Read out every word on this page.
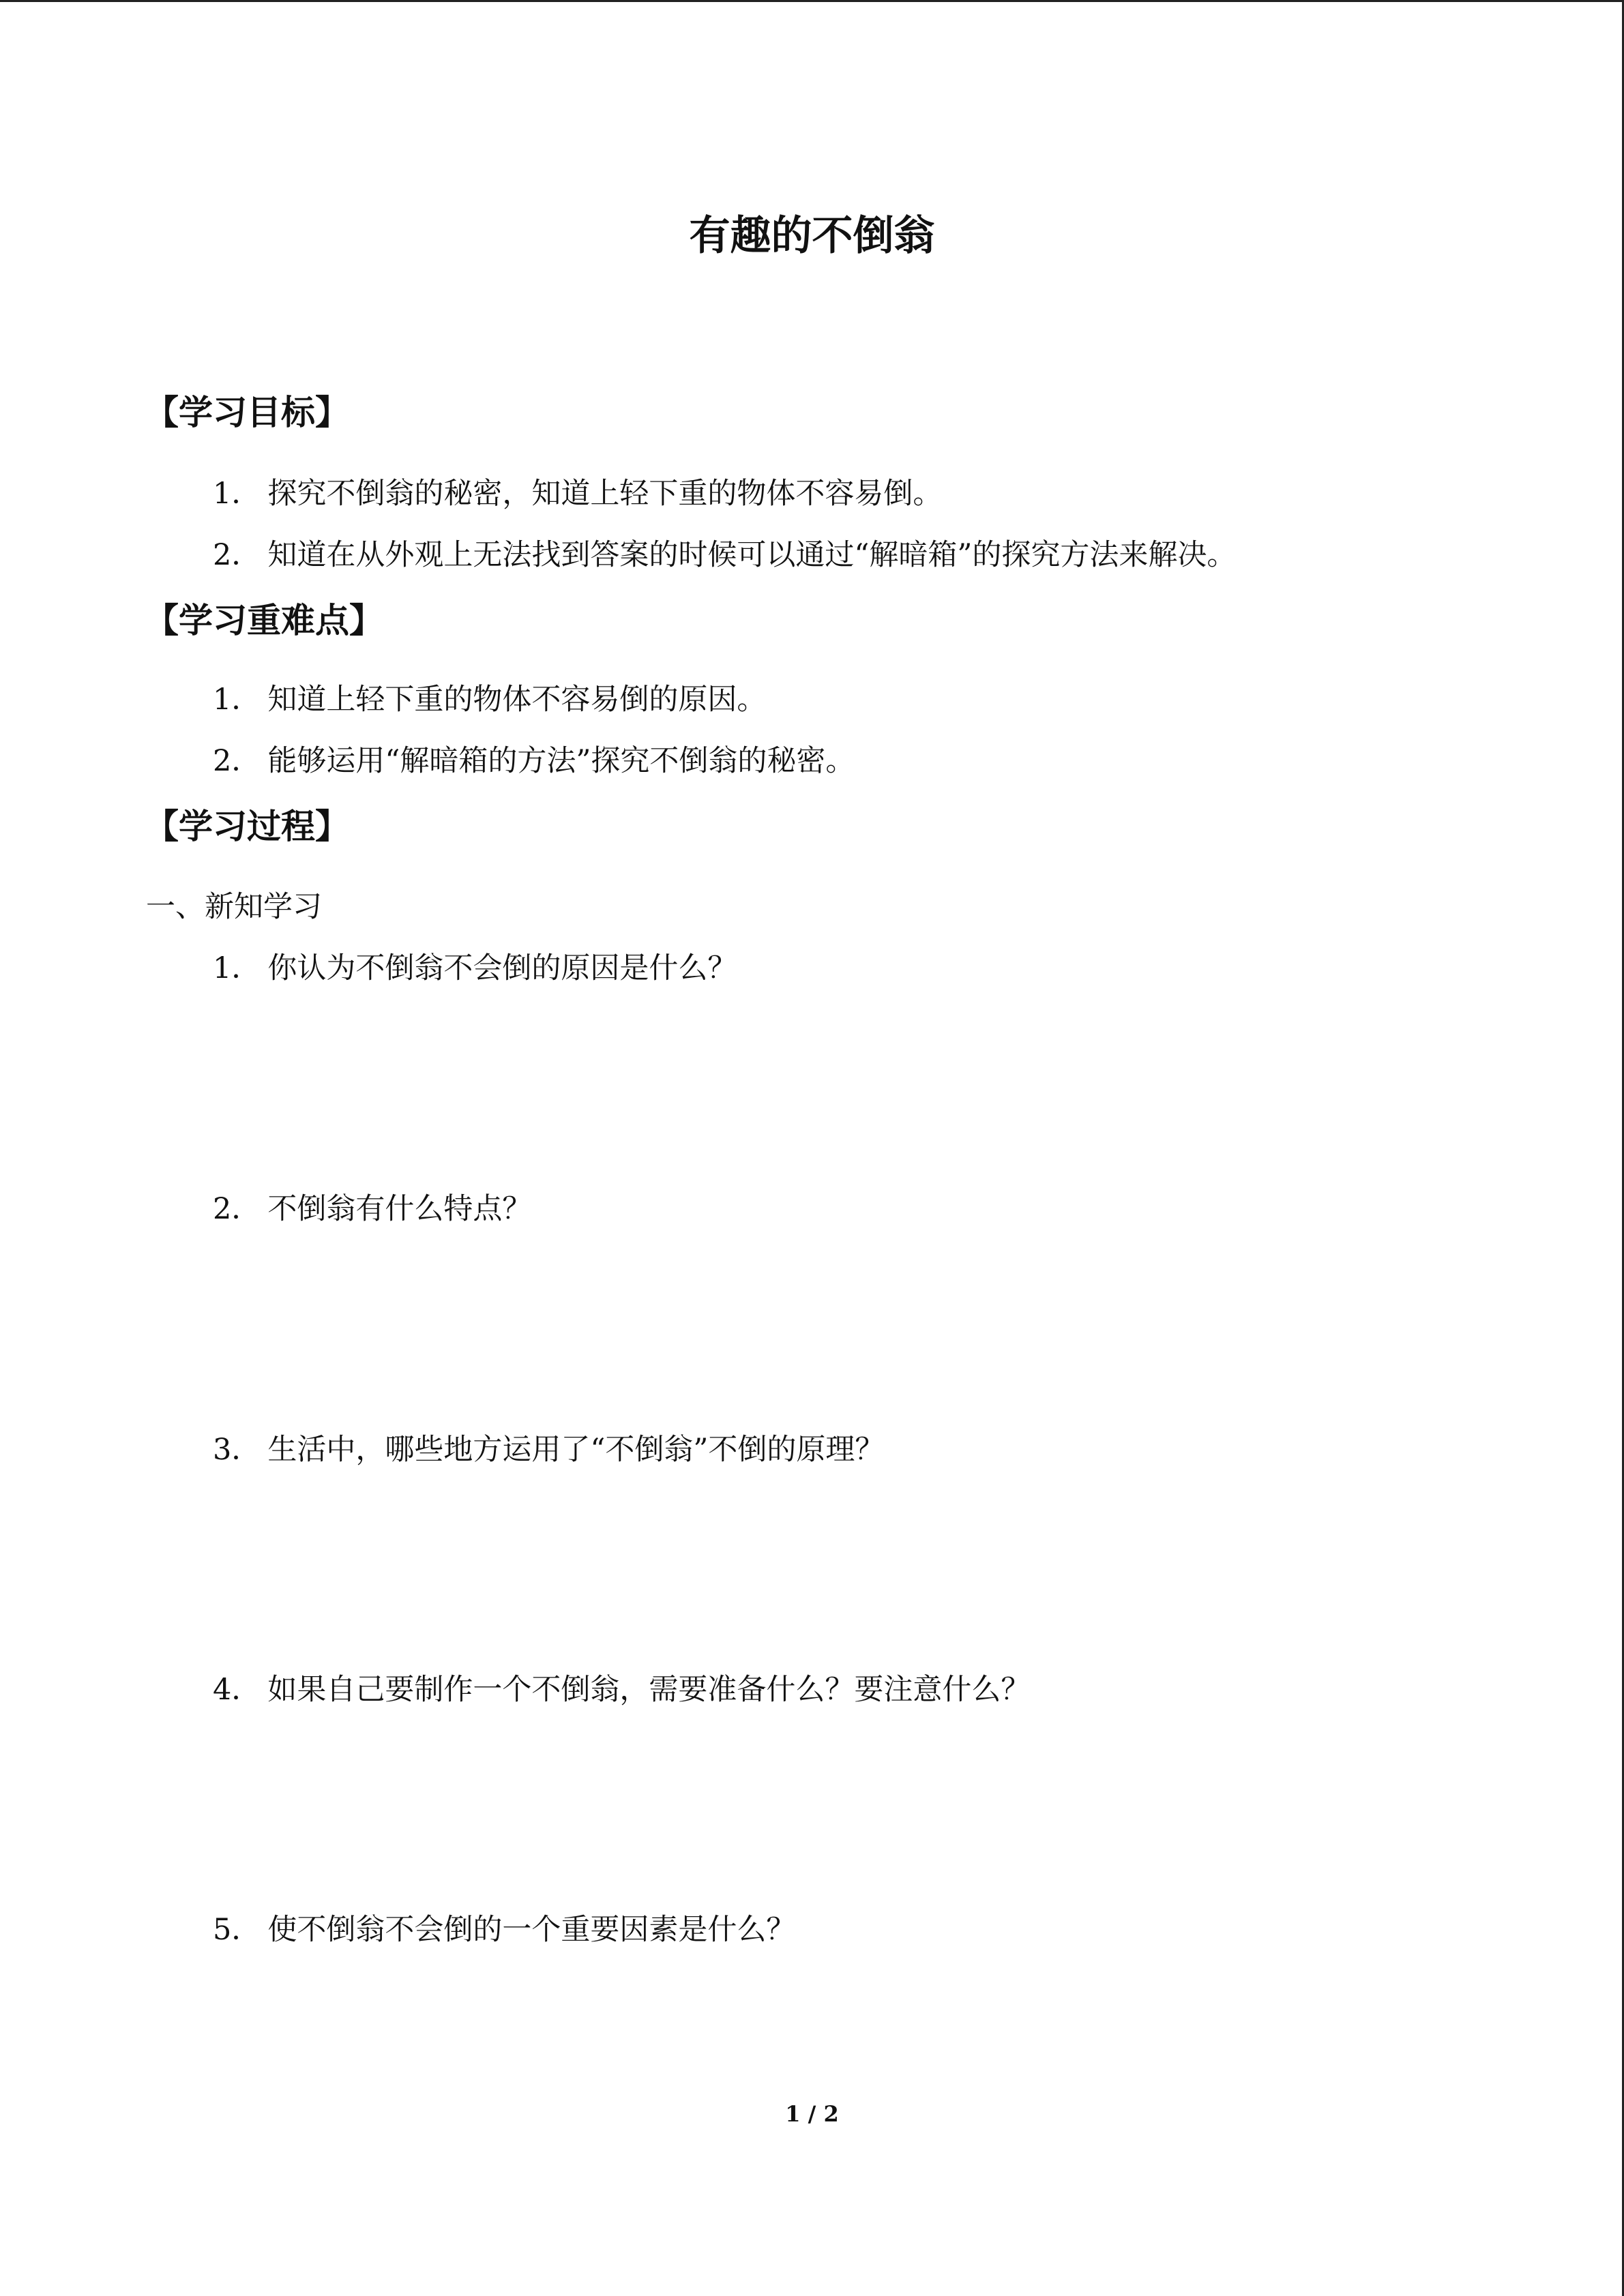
有趣的不倒翁
【学习目标】
1． 探究不倒翁的秘密，知道上轻下重的物体不容易倒。
2． 知道在从外观上无法找到答案的时候可以通过“解暗箱”的探究方法来解决。
【学习重难点】
1． 知道上轻下重的物体不容易倒的原因。
2． 能够运用“解暗箱的方法”探究不倒翁的秘密。
【学习过程】
一、新知学习
1． 你认为不倒翁不会倒的原因是什么？
2． 不倒翁有什么特点？
3． 生活中，哪些地方运用了“不倒翁”不倒的原理？
4． 如果自己要制作一个不倒翁，需要准备什么？要注意什么？
5． 使不倒翁不会倒的一个重要因素是什么？
1 / 2
